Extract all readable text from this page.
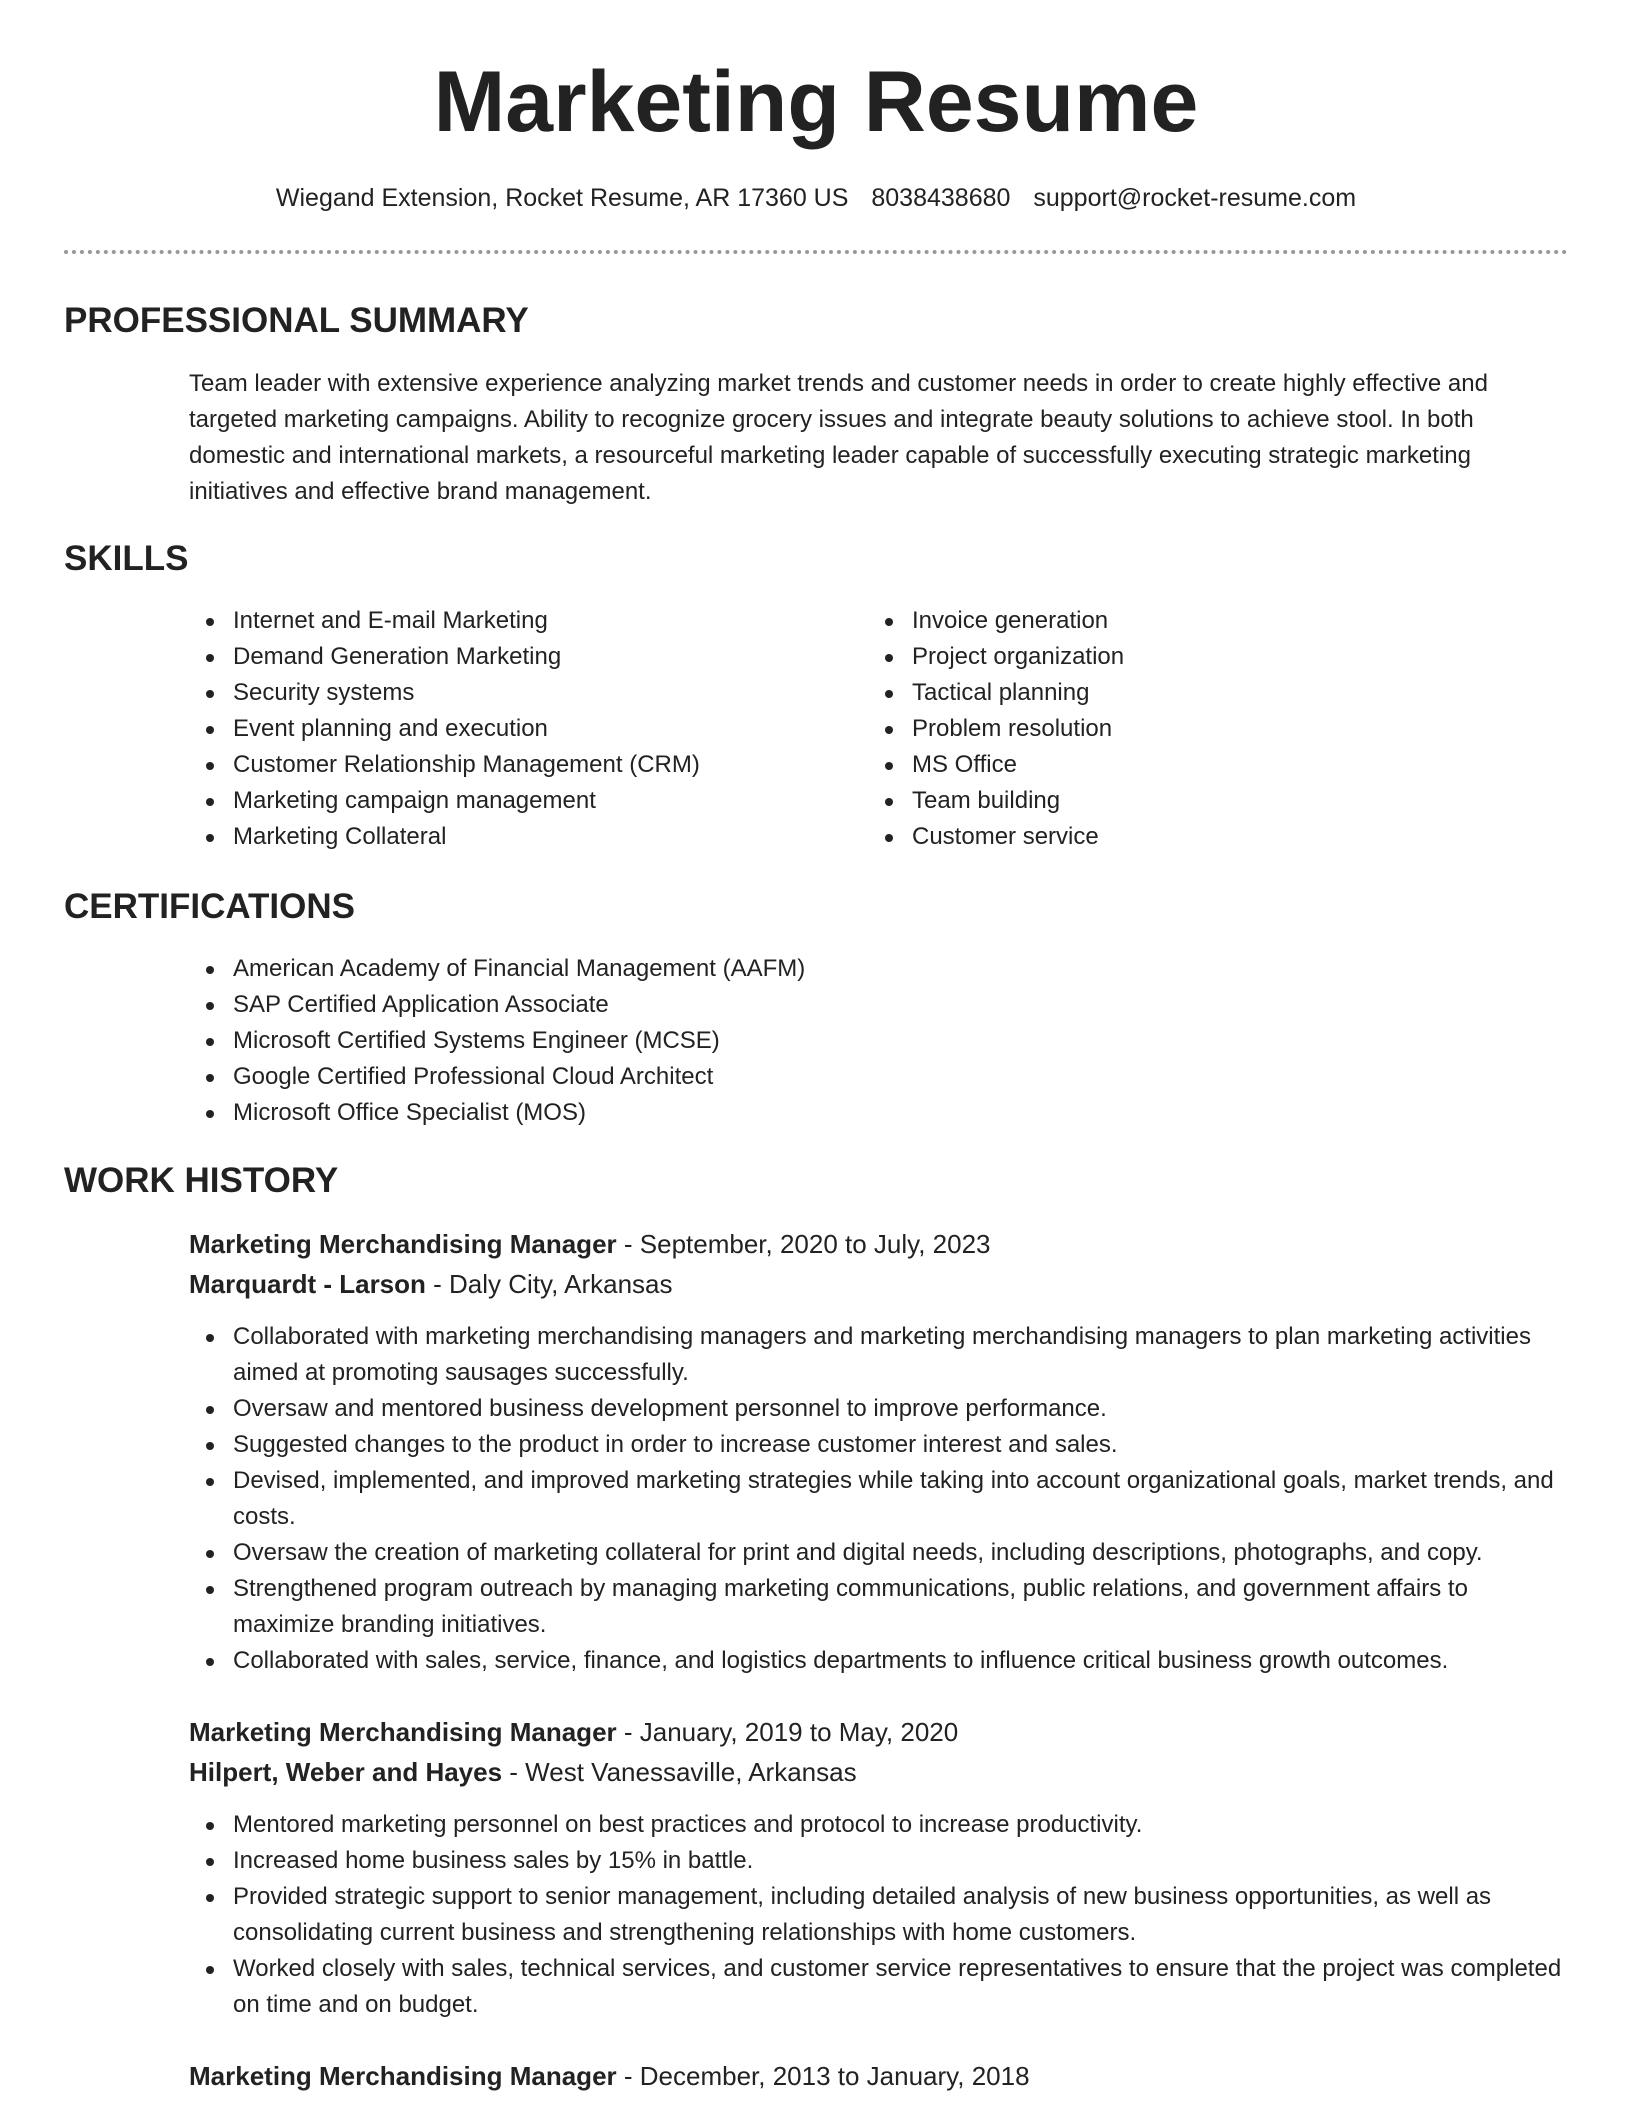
Marketing Resume
Wiegand Extension, Rocket Resume, AR 17360 US 8038438680 support@rocket-resume.com
PROFESSIONAL SUMMARY

Team leader with extensive experience analyzing market trends and customer needs in order to create highly effective and targeted marketing campaigns. Ability to recognize grocery issues and integrate beauty solutions to achieve stool. In both domestic and international markets, a resourceful marketing leader capable of successfully executing strategic marketing initiatives and effective brand management.

SKILLS
Internet and E-mail Marketing
Demand Generation Marketing
Security systems
Event planning and execution
Customer Relationship Management (CRM)
Marketing campaign management
Marketing Collateral
Invoice generation
Project organization
Tactical planning
Problem resolution
MS Office
Team building
Customer service
CERTIFICATIONS
American Academy of Financial Management (AAFM)
SAP Certified Application Associate
Microsoft Certified Systems Engineer (MCSE)
Google Certified Professional Cloud Architect
Microsoft Office Specialist (MOS)
WORK HISTORY
Marketing Merchandising Manager - September, 2020 to July, 2023
Marquardt - Larson - Daly City, Arkansas
Collaborated with marketing merchandising managers and marketing merchandising managers to plan marketing activities aimed at promoting sausages successfully.
Oversaw and mentored business development personnel to improve performance.
Suggested changes to the product in order to increase customer interest and sales.
Devised, implemented, and improved marketing strategies while taking into account organizational goals, market trends, and costs.
Oversaw the creation of marketing collateral for print and digital needs, including descriptions, photographs, and copy.
Strengthened program outreach by managing marketing communications, public relations, and government affairs to maximize branding initiatives.
Collaborated with sales, service, finance, and logistics departments to influence critical business growth outcomes.
Marketing Merchandising Manager - January, 2019 to May, 2020
Hilpert, Weber and Hayes - West Vanessaville, Arkansas
Mentored marketing personnel on best practices and protocol to increase productivity.
Increased home business sales by 15% in battle.
Provided strategic support to senior management, including detailed analysis of new business opportunities, as well as consolidating current business and strengthening relationships with home customers.
Worked closely with sales, technical services, and customer service representatives to ensure that the project was completed on time and on budget.
Marketing Merchandising Manager - December, 2013 to January, 2018
